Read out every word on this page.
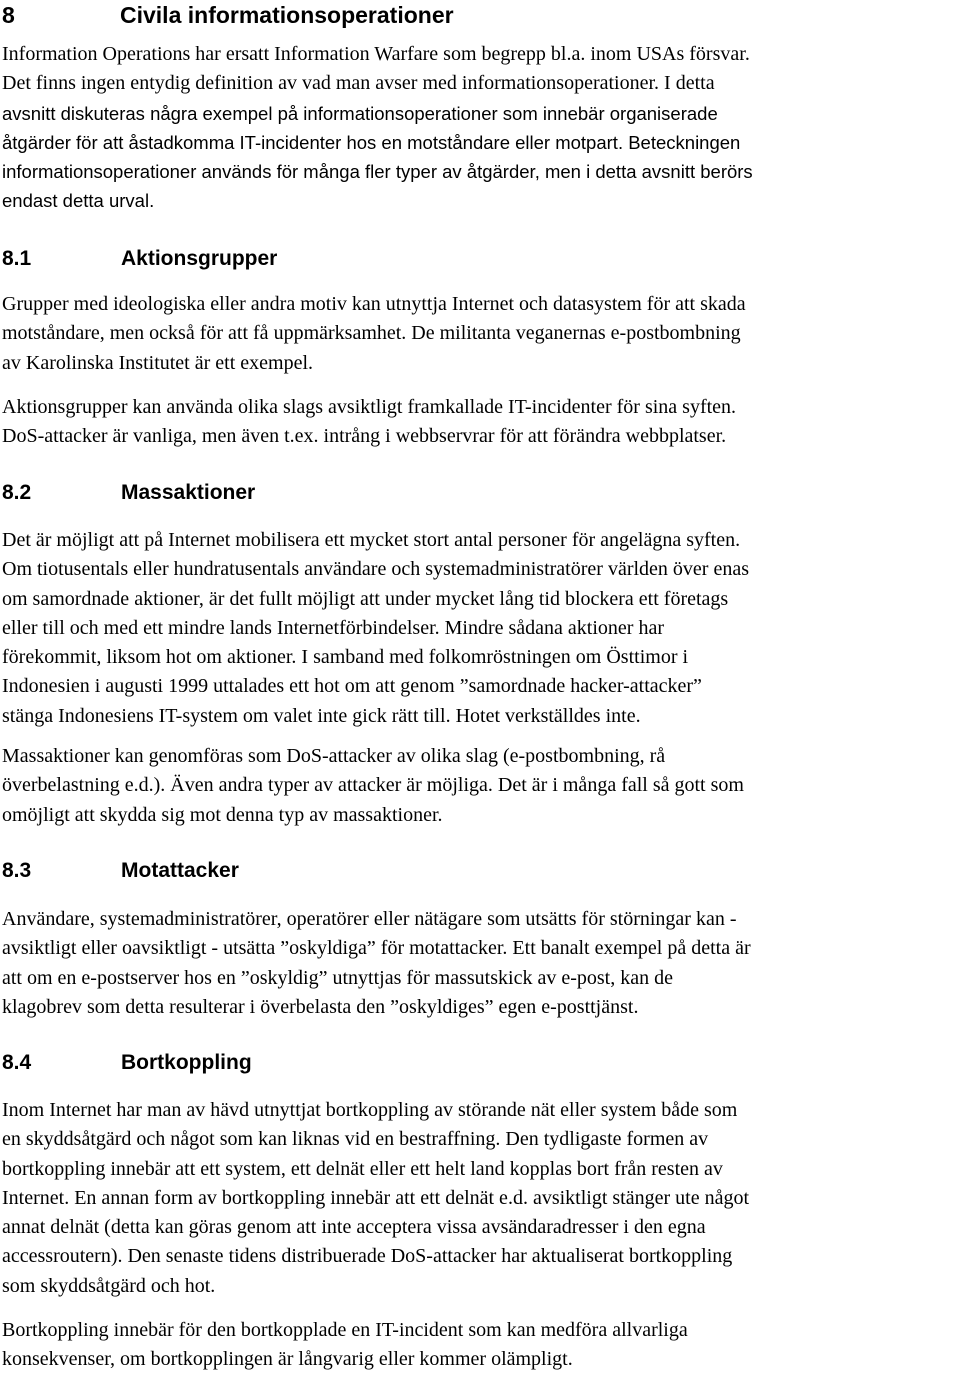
8	Civila informationsoperationer
Information Operations har ersatt Information Warfare som begrepp bl.a. inom USAs försvar.
Det finns ingen entydig definition av vad man avser med informationsoperationer. I detta
avsnitt diskuteras några exempel på informationsoperationer som innebär organiserade
åtgärder för att åstadkomma IT-incidenter hos en motståndare eller motpart. Beteckningen
informationsoperationer används för många fler typer av åtgärder, men i detta avsnitt berörs
endast detta urval.
8.1	Aktionsgrupper
Grupper med ideologiska eller andra motiv kan utnyttja Internet och datasystem för att skada
motståndare, men också för att få uppmärksamhet. De militanta veganernas e-postbombning
av Karolinska Institutet är ett exempel.
Aktionsgrupper kan använda olika slags avsiktligt framkallade IT-incidenter för sina syften.
DoS-attacker är vanliga, men även t.ex. intrång i webbservrar för att förändra webbplatser.
8.2	Massaktioner
Det är möjligt att på Internet mobilisera ett mycket stort antal personer för angelägna syften.
Om tiotusentals eller hundratusentals användare och systemadministratörer världen över enas
om samordnade aktioner, är det fullt möjligt att under mycket lång tid blockera ett företags
eller till och med ett mindre lands Internetförbindelser. Mindre sådana aktioner har
förekommit, liksom hot om aktioner. I samband med folkomröstningen om Östtimor i
Indonesien i augusti 1999 uttalades ett hot om att genom ”samordnade hacker-attacker”
stänga Indonesiens IT-system om valet inte gick rätt till. Hotet verkställdes inte.
Massaktioner kan genomföras som DoS-attacker av olika slag (e-postbombning, rå
överbelastning e.d.). Även andra typer av attacker är möjliga. Det är i många fall så gott som
omöjligt att skydda sig mot denna typ av massaktioner.
8.3	Motattacker
Användare, systemadministratörer, operatörer eller nätägare som utsätts för störningar kan -
avsiktligt eller oavsiktligt - utsätta ”oskyldiga” för motattacker. Ett banalt exempel på detta är
att om en e-postserver hos en ”oskyldig” utnyttjas för massutskick av e-post, kan de
klagobrev som detta resulterar i överbelasta den ”oskyldiges” egen e-posttjänst.
8.4	Bortkoppling
Inom Internet har man av hävd utnyttjat bortkoppling av störande nät eller system både som
en skyddsåtgärd och något som kan liknas vid en bestraffning. Den tydligaste formen av
bortkoppling innebär att ett system, ett delnät eller ett helt land kopplas bort från resten av
Internet. En annan form av bortkoppling innebär att ett delnät e.d. avsiktligt stänger ute något
annat delnät (detta kan göras genom att inte acceptera vissa avsändaradresser i den egna
accessroutern). Den senaste tidens distribuerade DoS-attacker har aktualiserat bortkoppling
som skyddsåtgärd och hot.
Bortkoppling innebär för den bortkopplade en IT-incident som kan medföra allvarliga
konsekvenser, om bortkopplingen är långvarig eller kommer olämpligt.
